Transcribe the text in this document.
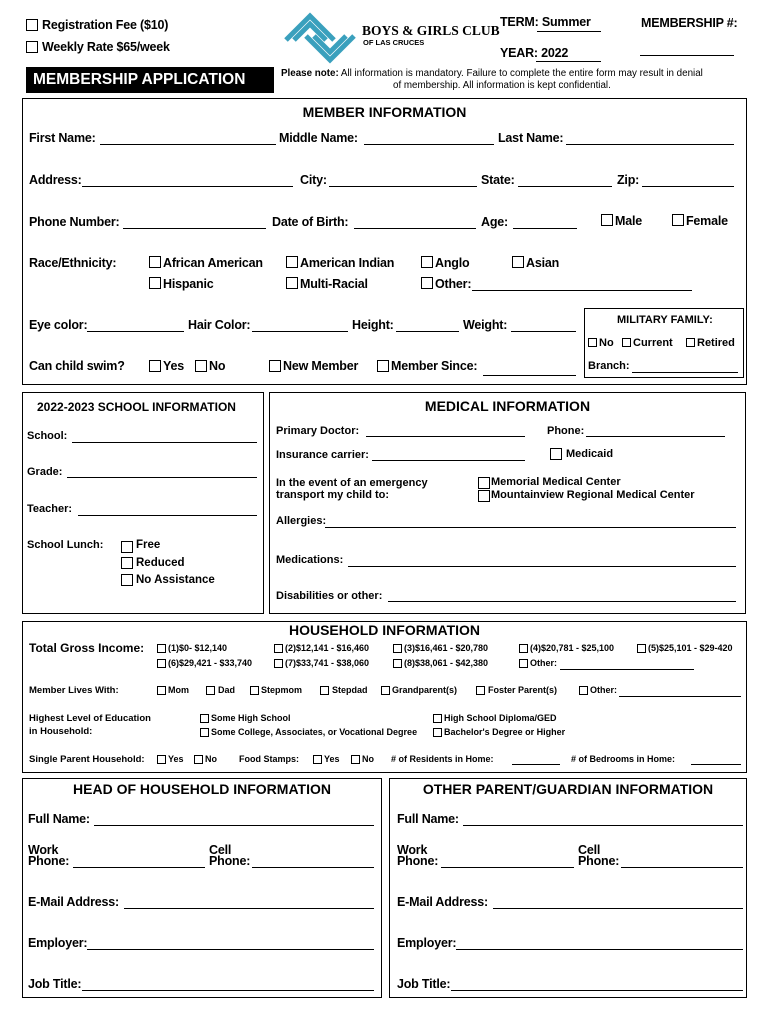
Registration Fee ($10)
Weekly Rate $65/week
BOYS & GIRLS CLUB
OF LAS CRUCES
TERM: Summer
YEAR: 2022
MEMBERSHIP #:
MEMBERSHIP APPLICATION	Please note: All information is mandatory. Failure to complete the entire form may result in denial
of membership. All information is kept confidential.
MEMBER INFORMATION
First Name:	Middle Name:	Last Name:
Address:	City:	State:	Zip:
Phone Number:	Date of Birth:	Age:	Male	Female
Race/Ethnicity:	African American	American Indian	Anglo	Asian
Hispanic	Multi-Racial	Other:
Eye color:	Hair Color:	Height:	Weight:
Can child swim?	Yes No	New Member	Member Since:
MILITARY FAMILY:
No Current Retired
Branch:
2022-2023 SCHOOL INFORMATION
School:
Grade:
Teacher:
School Lunch:	Free
Reduced
No Assistance
MEDICAL INFORMATION
Primary Doctor:	Phone:
Insurance carrier:	Medicaid
In the event of an emergency
transport my child to:
Memorial Medical Center
Mountainview Regional Medical Center
Allergies:
Medications:
Disabilities or other:
HOUSEHOLD INFORMATION
Total Gross Income:	(1)$0- $12,140	(2)$12,141 - $16,460	(3)$16,461 - $20,780	(4)$20,781 - $25,100	(5)$25,101 - $29-420
(6)$29,421 - $33,740	(7)$33,741 - $38,060	(8)$38,061 - $42,380	Other:
Member Lives With:	Mom	Dad	Stepmom	Stepdad	Grandparent(s)	Foster Parent(s)	Other:
Highest Level of Education
in Household:
Some High School	High School Diploma/GED
Some College, Associates, or Vocational Degree	Bachelor's Degree or Higher
Single Parent Household:	Yes No Food Stamps:	Yes No # of Residents in Home:	# of Bedrooms in Home:
HEAD OF HOUSEHOLD INFORMATION
Full Name:
Work
Phone:
Cell
Phone:
E-Mail Address:
Employer:
Job Title:
OTHER PARENT/GUARDIAN INFORMATION
Full Name:
Work
Phone:
Cell
Phone:
E-Mail Address:
Employer:
Job Title:
